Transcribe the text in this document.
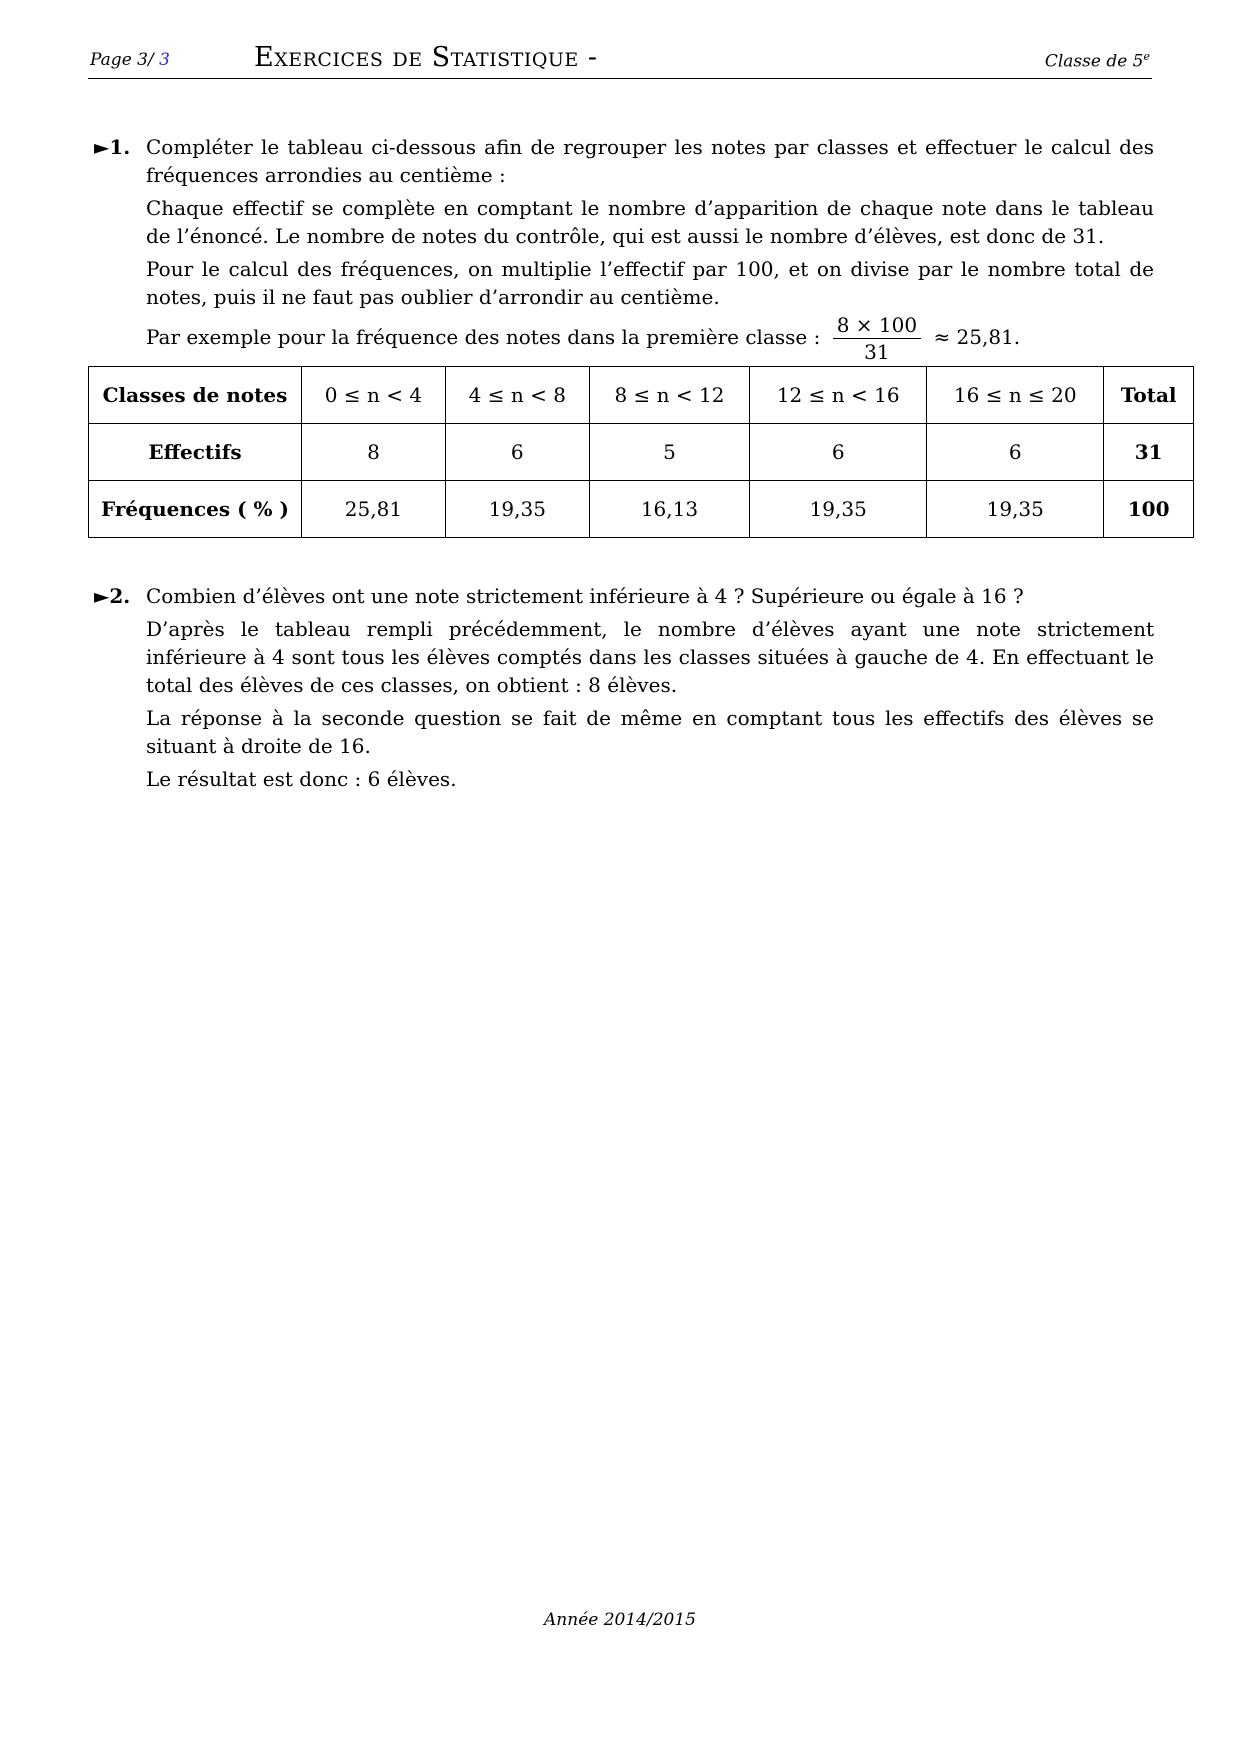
Page 3/ 3	Exercices de Statistique -	Classe de 5e
►1. Compléter le tableau ci-dessous afin de regrouper les notes par classes et effectuer le calcul des fréquences arrondies au centième :

Chaque effectif se complète en comptant le nombre d’apparition de chaque note dans le tableau de l’énoncé. Le nombre de notes du contrôle, qui est aussi le nombre d’élèves, est donc de 31.

Pour le calcul des fréquences, on multiplie l’effectif par 100, et on divise par le nombre total de notes, puis il ne faut pas oublier d’arrondir au centième.

Par exemple pour la fréquence des notes dans la première classe : $\frac{8 \times 100}{31} \approx 25,81$.

Classes de notes	0 ≤ n < 4	4 ≤ n < 8	8 ≤ n < 12	12 ≤ n < 16	16 ≤ n ≤ 20	Total
Effectifs	8	6	5	6	6	31
Fréquences ( % )	25,81	19,35	16,13	19,35	19,35	100
►2. Combien d’élèves ont une note strictement inférieure à 4 ? Supérieure ou égale à 16 ?

D’après le tableau rempli précédemment, le nombre d’élèves ayant une note strictement inférieure à 4 sont tous les élèves comptés dans les classes situées à gauche de 4. En effectuant le total des élèves de ces classes, on obtient : 8 élèves.

La réponse à la seconde question se fait de même en comptant tous les effectifs des élèves se situant à droite de 16.

Le résultat est donc : 6 élèves.

Année 2014/2015
